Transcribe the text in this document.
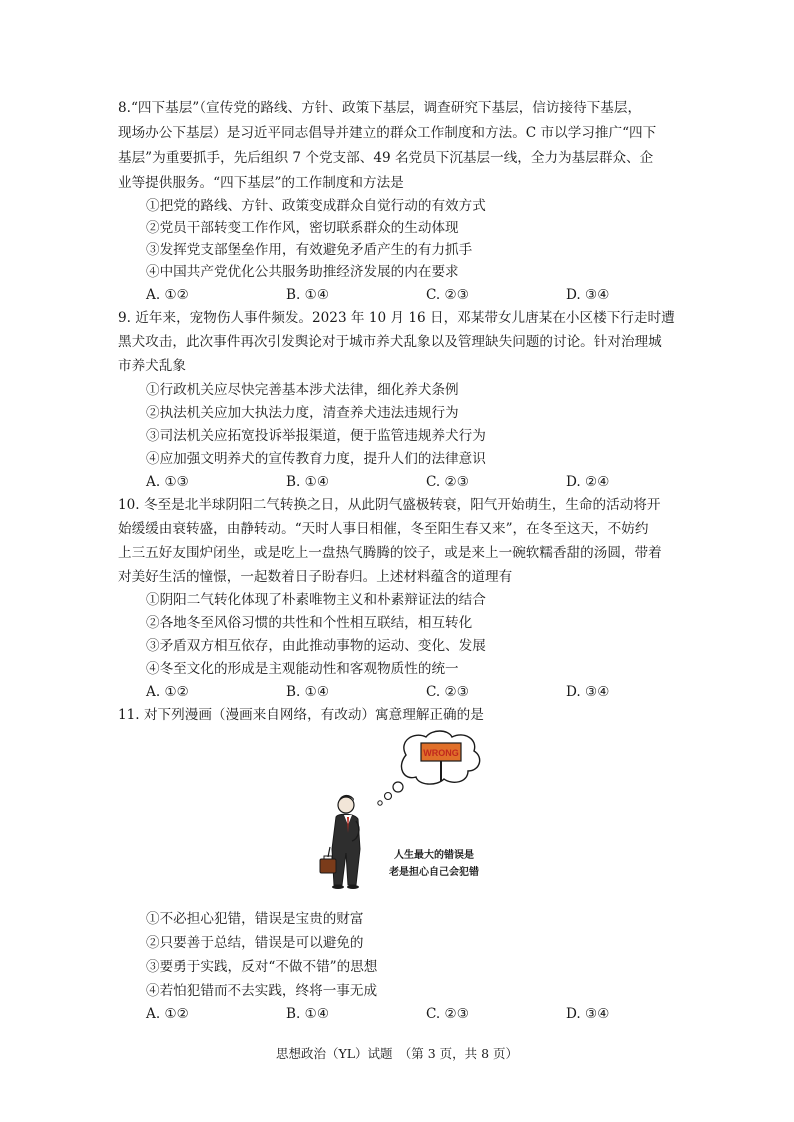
8.“四下基层”（宣传党的路线、方针、政策下基层，调查研究下基层，信访接待下基层，
现场办公下基层）是习近平同志倡导并建立的群众工作制度和方法。C 市以学习推广“四下
基层”为重要抓手，先后组织 7 个党支部、49 名党员下沉基层一线，全力为基层群众、企
业等提供服务。“四下基层”的工作制度和方法是
①把党的路线、方针、政策变成群众自觉行动的有效方式
②党员干部转变工作作风，密切联系群众的生动体现
③发挥党支部堡垒作用，有效避免矛盾产生的有力抓手
④中国共产党优化公共服务助推经济发展的内在要求
A. ①②	B. ①④	C. ②③	D. ③④
9. 近年来，宠物伤人事件频发。2023 年 10 月 16 日，邓某带女儿唐某在小区楼下行走时遭
黑犬攻击，此次事件再次引发舆论对于城市养犬乱象以及管理缺失问题的讨论。针对治理城
市养犬乱象
①行政机关应尽快完善基本涉犬法律，细化养犬条例
②执法机关应加大执法力度，清查养犬违法违规行为
③司法机关应拓宽投诉举报渠道，便于监管违规养犬行为
④应加强文明养犬的宣传教育力度，提升人们的法律意识
A. ①③	B. ①④	C. ②③	D. ②④
10. 冬至是北半球阴阳二气转换之日，从此阴气盛极转衰，阳气开始萌生，生命的活动将开
始缓缓由衰转盛，由静转动。“天时人事日相催，冬至阳生春又来”，在冬至这天，不妨约
上三五好友围炉闭坐，或是吃上一盘热气腾腾的饺子，或是来上一碗软糯香甜的汤圆，带着
对美好生活的憧憬，一起数着日子盼春归。上述材料蕴含的道理有
①阴阳二气转化体现了朴素唯物主义和朴素辩证法的结合
②各地冬至风俗习惯的共性和个性相互联结，相互转化
③矛盾双方相互依存，由此推动事物的运动、变化、发展
④冬至文化的形成是主观能动性和客观物质性的统一
A. ①②	B. ①④	C. ②③	D. ③④
11. 对下列漫画（漫画来自网络，有改动）寓意理解正确的是
WRONG
人生最大的错误是
老是担心自己会犯错
①不必担心犯错，错误是宝贵的财富
②只要善于总结，错误是可以避免的
③要勇于实践，反对“不做不错”的思想
④若怕犯错而不去实践，终将一事无成
A. ①②	B. ①④	C. ②③	D. ③④
思想政治（YL）试题　（第 3 页，共 8 页）
